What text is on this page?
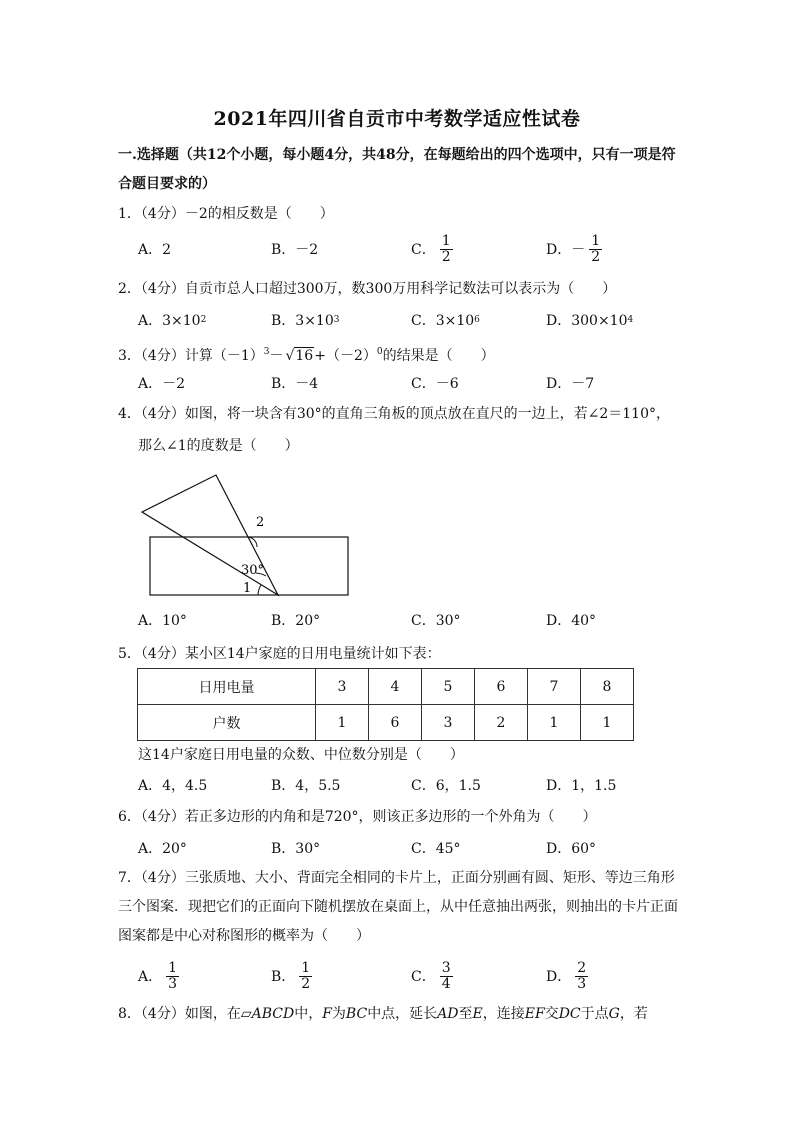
2021年四川省自贡市中考数学适应性试卷
一.选择题（共12个小题，每小题4分，共48分，在每题给出的四个选项中，只有一项是符合题目要求的）
1．（4分）－2的相反数是（　　）
A．2	B．－2	C． $\frac{1}{2}$	D．－ $\frac{1}{2}$
2．（4分）自贡市总人口超过300万，数300万用科学记数法可以表示为（　　）
A．3×10 2	B．3×10 3	C．3×10 6	D．300×10 4
3．（4分）计算$(-1)^3- √16+(-2)^0$的结果是（　　）
A．－2	B．－4	C．－6	D．－7
4．（4分）如图，将一块含有30°的直角三角板的顶点放在直尺的一边上，若∠2＝110°，
那么∠1的度数是（　　）
2
30°
1
A．10°	B．20°	C．30°	D．40°
5．（4分）某小区14户家庭的日用电量统计如下表：
日用电量	3	4	5	6	7	8
户数	1	6	3	2	1	1
这14户家庭日用电量的众数、中位数分别是（　　）
A．4，4.5	B．4，5.5	C．6，1.5	D．1，1.5
6．（4分）若正多边形的内角和是720°，则该正多边形的一个外角为（　　）
A．20°	B．30°	C．45°	D．60°
7．（4分）三张质地、大小、背面完全相同的卡片上，正面分别画有圆、矩形、等边三角形三个图案．现把它们的正面向下随机摆放在桌面上，从中任意抽出两张，则抽出的卡片正面图案都是中心对称图形的概率为（　　）
A． $\frac{1}{3}$	B． $\frac{1}{2}$	C． $\frac{3}{4}$	D． $\frac{2}{3}$
8．（4分）如图，在▱ABCD中，F为BC中点，延长AD至E，连接EF交DC于点G，若
